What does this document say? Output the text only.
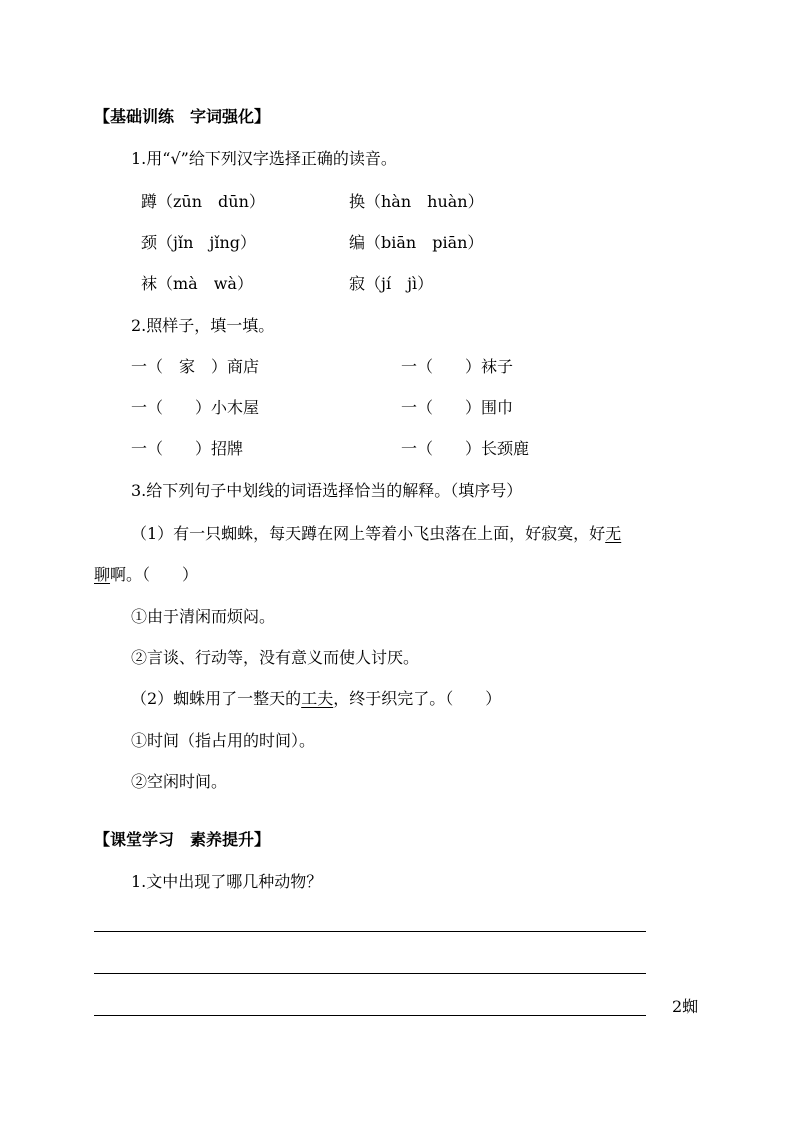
【基础训练　字词强化】
1.用“√”给下列汉字选择正确的读音。
蹲（zūn　dūn）	换（hàn　huàn）
颈（jǐn　jǐng）	编（biān　piān）
袜（mà　wà）	寂（jí　jì）
2.照样子，填一填。
一（　家　）商店	一（　　）袜子
一（　　）小木屋	一（　　）围巾
一（　　）招牌	一（　　）长颈鹿
3.给下列句子中划线的词语选择恰当的解释。（填序号）
（1）有一只蜘蛛，每天蹲在网上等着小飞虫落在上面，好寂寞，好无
聊啊。（　　）
①由于清闲而烦闷。
②言谈、行动等，没有意义而使人讨厌。
（2）蜘蛛用了一整天的工夫，终于织完了。（　　）
①时间（指占用的时间）。
②空闲时间。
【课堂学习　素养提升】
1.文中出现了哪几种动物？
2蜘
